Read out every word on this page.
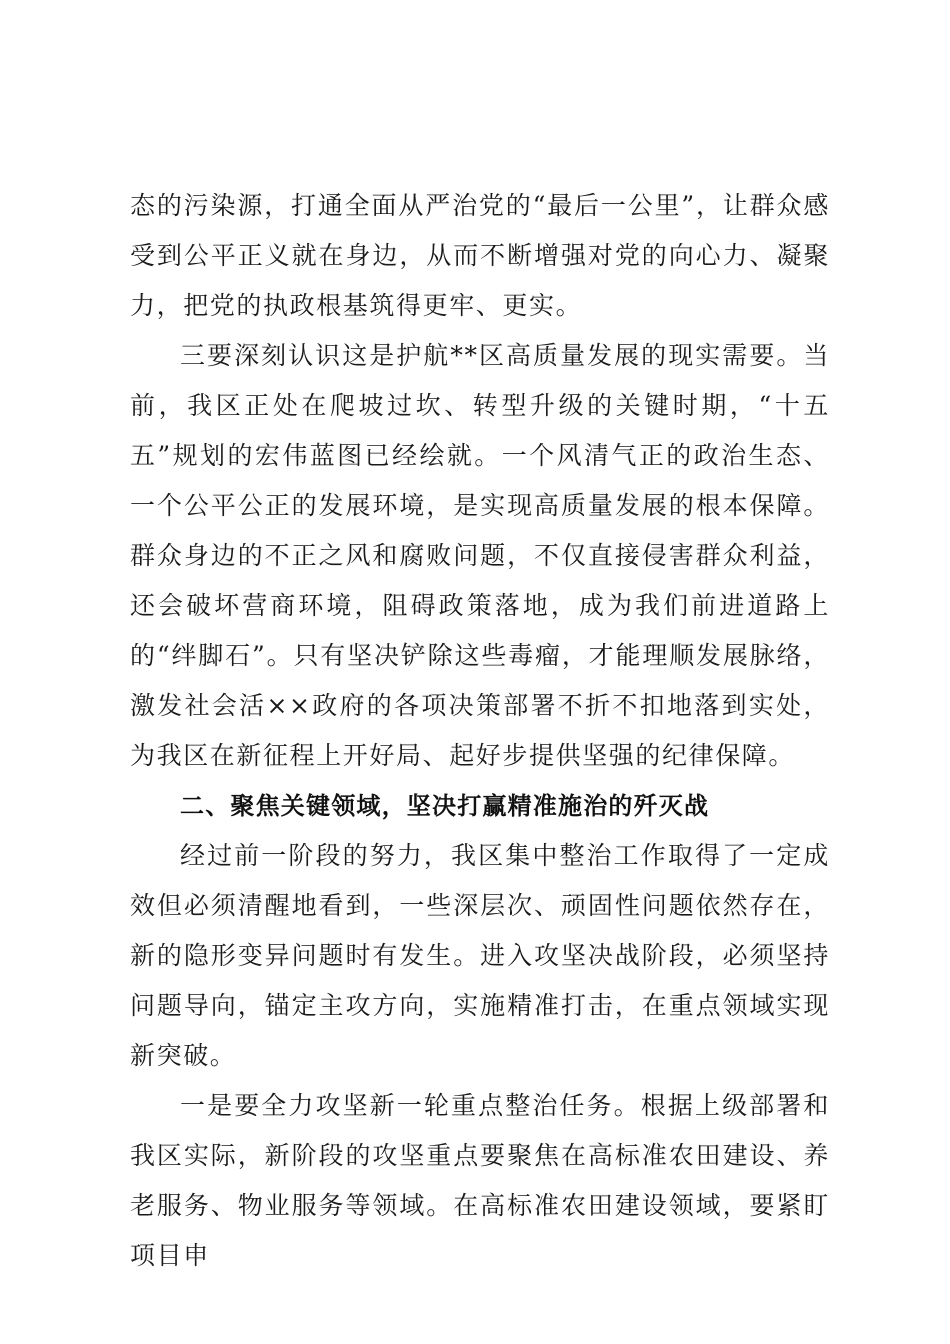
态的污染源，打通全面从严治党的“最后一公里”，让群众感受到公平正义就在身边，从而不断增强对党的向心力、凝聚力，把党的执政根基筑得更牢、更实。

三要深刻认识这是护航**区高质量发展的现实需要。当前，我区正处在爬坡过坎、转型升级的关键时期，“十五五”规划的宏伟蓝图已经绘就。一个风清气正的政治生态、一个公平公正的发展环境，是实现高质量发展的根本保障。群众身边的不正之风和腐败问题，不仅直接侵害群众利益，还会破坏营商环境，阻碍政策落地，成为我们前进道路上的“绊脚石”。只有坚决铲除这些毒瘤，才能理顺发展脉络，激发社会活××政府的各项决策部署不折不扣地落到实处，为我区在新征程上开好局、起好步提供坚强的纪律保障。

二、聚焦关键领域，坚决打赢精准施治的歼灭战

经过前一阶段的努力，我区集中整治工作取得了一定成效但必须清醒地看到，一些深层次、顽固性问题依然存在，新的隐形变异问题时有发生。进入攻坚决战阶段，必须坚持问题导向，锚定主攻方向，实施精准打击，在重点领域实现新突破。

一是要全力攻坚新一轮重点整治任务。根据上级部署和我区实际，新阶段的攻坚重点要聚焦在高标准农田建设、养老服务、物业服务等领域。在高标准农田建设领域，要紧盯项目申
